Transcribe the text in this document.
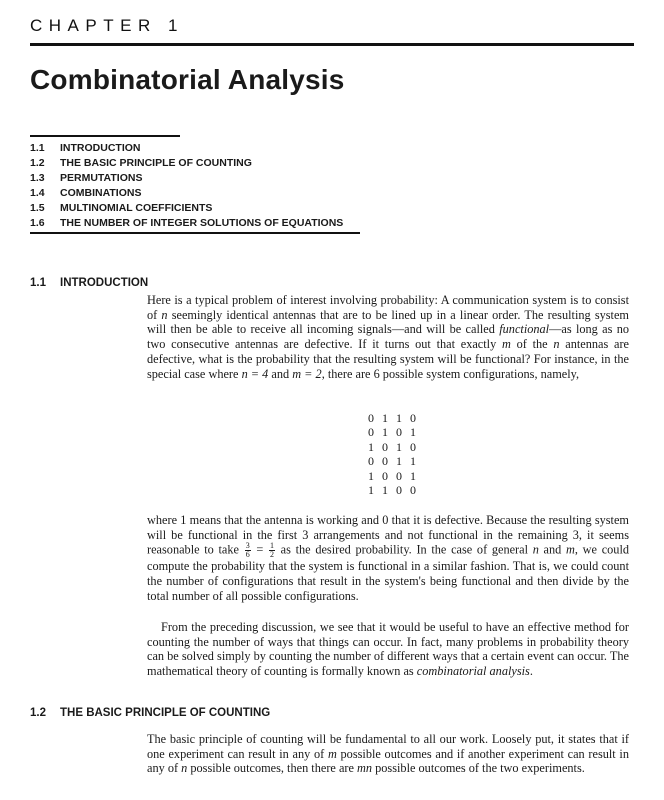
CHAPTER 1
Combinatorial Analysis
1.1 INTRODUCTION
1.2 THE BASIC PRINCIPLE OF COUNTING
1.3 PERMUTATIONS
1.4 COMBINATIONS
1.5 MULTINOMIAL COEFFICIENTS
1.6 THE NUMBER OF INTEGER SOLUTIONS OF EQUATIONS
1.1 INTRODUCTION

Here is a typical problem of interest involving probability: A communication system is to consist of n seemingly identical antennas that are to be lined up in a linear order. The resulting system will then be able to receive all incoming signals—and will be called functional—as long as no two consecutive antennas are defective. If it turns out that exactly m of the n antennas are defective, what is the probability that the resulting system will be functional? For instance, in the special case where n = 4 and m = 2, there are 6 possible system configurations, namely,

0 1 1 0
0 1 0 1
1 0 1 0
0 0 1 1
1 0 0 1
1 1 0 0

where 1 means that the antenna is working and 0 that it is defective. Because the resulting system will be functional in the first 3 arrangements and not functional in the remaining 3, it seems reasonable to take $\frac{3}{6} = \frac{1}{2}$ as the desired probability. In the case of general n and m, we could compute the probability that the system is functional in a similar fashion. That is, we could count the number of configurations that result in the system's being functional and then divide by the total number of all possible configurations.

From the preceding discussion, we see that it would be useful to have an effective method for counting the number of ways that things can occur. In fact, many problems in probability theory can be solved simply by counting the number of different ways that a certain event can occur. The mathematical theory of counting is formally known as combinatorial analysis.

1.2 THE BASIC PRINCIPLE OF COUNTING

The basic principle of counting will be fundamental to all our work. Loosely put, it states that if one experiment can result in any of m possible outcomes and if another experiment can result in any of n possible outcomes, then there are mn possible outcomes of the two experiments.
